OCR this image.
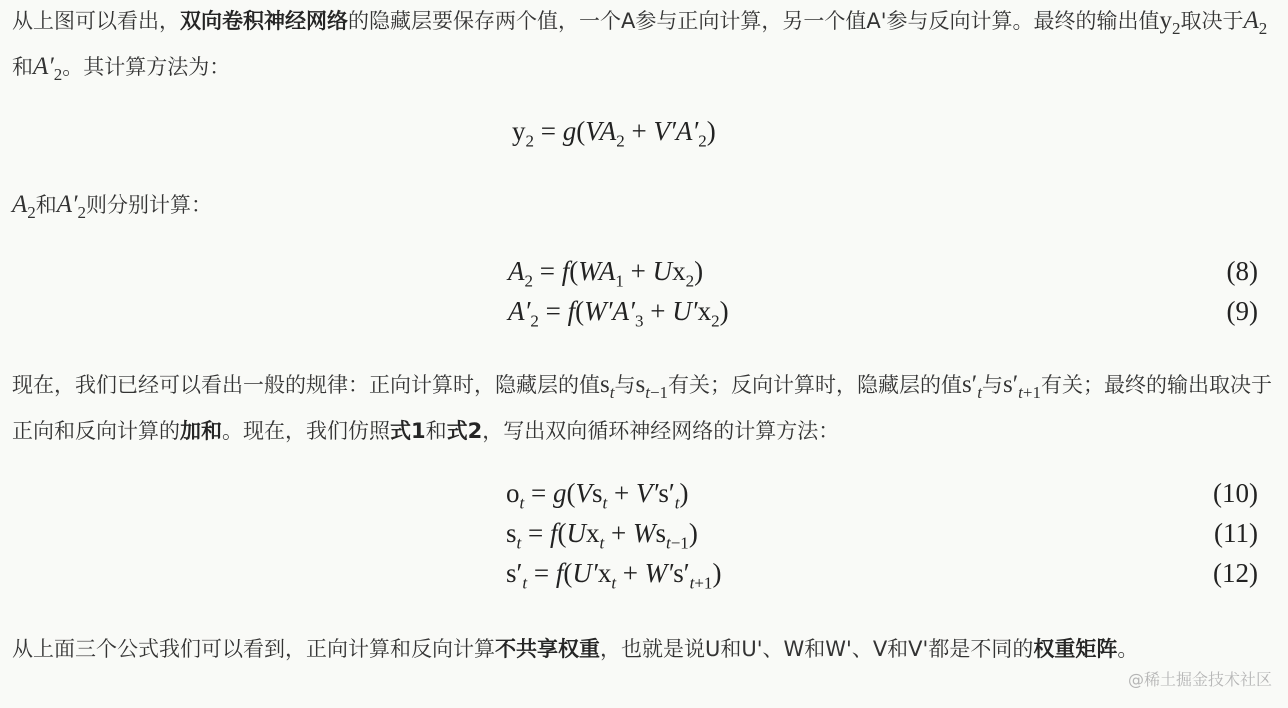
从上图可以看出，双向卷积神经网络的隐藏层要保存两个值，一个A参与正向计算，另一个值A'参与反向计算。最终的输出值$y_2$取决于$A_2$和$A'_2$。其计算方法为：
$y_2 = g(VA_2 + V'A'_2)$
$A_2$和$A'_2$则分别计算：
$A_2 = f(WA_1 + Ux_2)$	(8)
$A'_2 = f(W'A'_3 + U'x_2)$	(9)
现在，我们已经可以看出一般的规律：正向计算时，隐藏层的值$s_t$与$s_{t-1}$有关；反向计算时，隐藏层的值$s'_t$与$s'_{t+1}$有关；最终的输出取决于正向和反向计算的加和。现在，我们仿照式1和式2，写出双向循环神经网络的计算方法：
$o_t = g(Vs_t + V's'_t)$	(10)
$s_t = f(Ux_t + Ws_{t-1})$	(11)
$s'_t = f(U'x_t + W's'_{t+1})$	(12)
从上面三个公式我们可以看到，正向计算和反向计算不共享权重，也就是说U和U'、W和W'、V和V'都是不同的权重矩阵。
@稀土掘金技术社区
